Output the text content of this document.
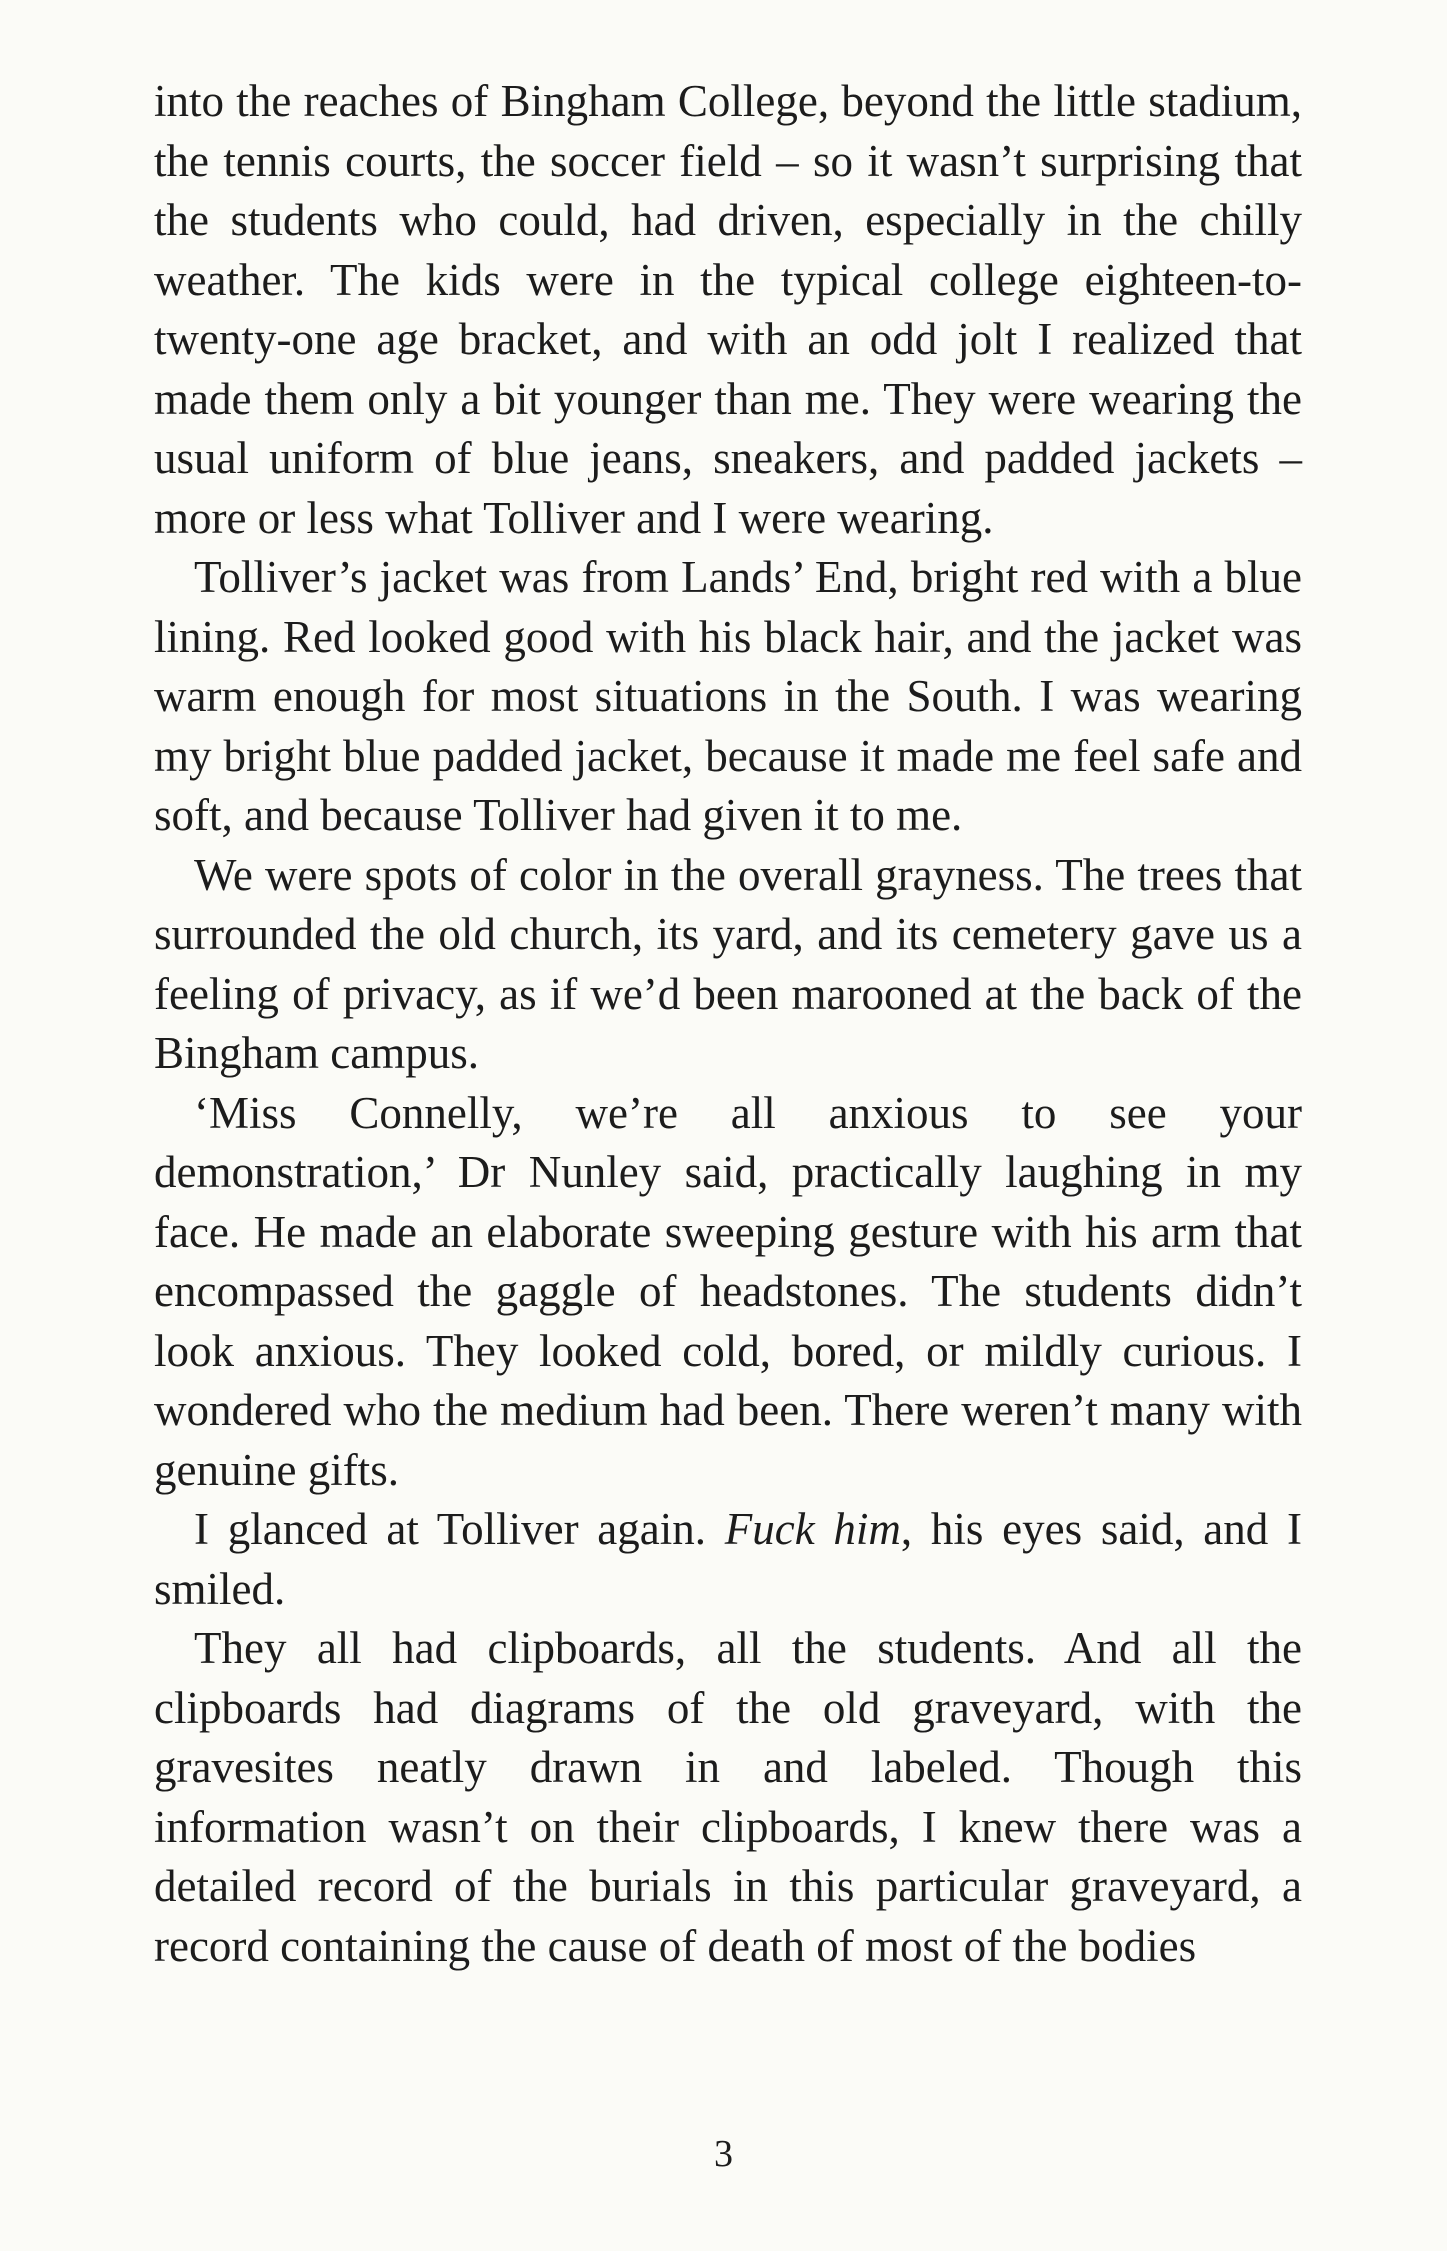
into the reaches of Bingham College, beyond the little stadium, the tennis courts, the soccer field – so it wasn’t surprising that the students who could, had driven, especially in the chilly weather. The kids were in the typical college eighteen-to-twenty-one age bracket, and with an odd jolt I realized that made them only a bit younger than me. They were wearing the usual uniform of blue jeans, sneakers, and padded jackets – more or less what Tolliver and I were wearing.

Tolliver’s jacket was from Lands’ End, bright red with a blue lining. Red looked good with his black hair, and the jacket was warm enough for most situations in the South. I was wearing my bright blue padded jacket, because it made me feel safe and soft, and because Tolliver had given it to me.

We were spots of color in the overall grayness. The trees that surrounded the old church, its yard, and its cemetery gave us a feeling of privacy, as if we’d been marooned at the back of the Bingham campus.

‘Miss Connelly, we’re all anxious to see your demonstration,’ Dr Nunley said, practically laughing in my face. He made an elaborate sweeping gesture with his arm that encompassed the gaggle of headstones. The students didn’t look anxious. They looked cold, bored, or mildly curious. I wondered who the medium had been. There weren’t many with genuine gifts.

I glanced at Tolliver again. Fuck him, his eyes said, and I smiled.

They all had clipboards, all the students. And all the clipboards had diagrams of the old graveyard, with the gravesites neatly drawn in and labeled. Though this information wasn’t on their clipboards, I knew there was a detailed record of the burials in this particular graveyard, a record containing the cause of death of most of the bodies

3
